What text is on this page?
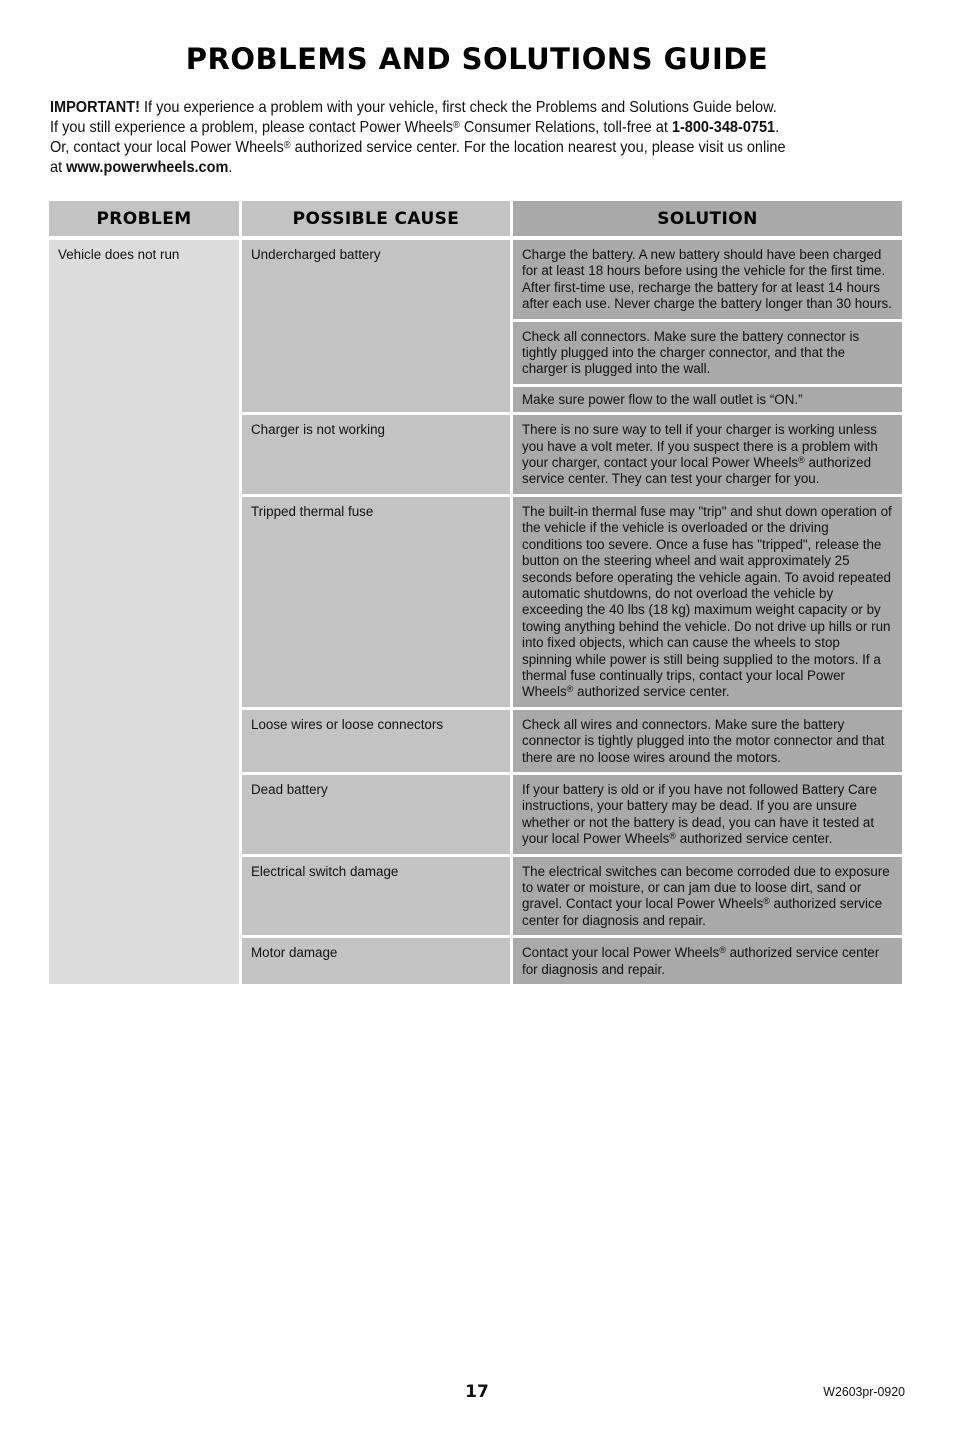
PROBLEMS AND SOLUTIONS GUIDE
IMPORTANT! If you experience a problem with your vehicle, first check the Problems and Solutions Guide below.
If you still experience a problem, please contact Power Wheels® Consumer Relations, toll-free at 1-800-348-0751.
Or, contact your local Power Wheels® authorized service center. For the location nearest you, please visit us online
at www.powerwheels.com.
PROBLEM	POSSIBLE CAUSE	SOLUTION
Vehicle does not run	Undercharged battery	Charge the battery. A new battery should have been charged for at least 18 hours before using the vehicle for the first time. After first-time use, recharge the battery for at least 14 hours after each use. Never charge the battery longer than 30 hours.
		Check all connectors. Make sure the battery connector is tightly plugged into the charger connector, and that the charger is plugged into the wall.
		Make sure power flow to the wall outlet is “ON.”
	Charger is not working	There is no sure way to tell if your charger is working unless you have a volt meter. If you suspect there is a problem with your charger, contact your local Power Wheels® authorized service center. They can test your charger for you.
	Tripped thermal fuse	The built-in thermal fuse may "trip" and shut down operation of the vehicle if the vehicle is overloaded or the driving conditions too severe. Once a fuse has "tripped", release the button on the steering wheel and wait approximately 25 seconds before operating the vehicle again. To avoid repeated automatic shutdowns, do not overload the vehicle by exceeding the 40 lbs (18 kg) maximum weight capacity or by towing anything behind the vehicle. Do not drive up hills or run into fixed objects, which can cause the wheels to stop spinning while power is still being supplied to the motors. If a thermal fuse continually trips, contact your local Power Wheels® authorized service center.
	Loose wires or loose connectors	Check all wires and connectors. Make sure the battery connector is tightly plugged into the motor connector and that there are no loose wires around the motors.
	Dead battery	If your battery is old or if you have not followed Battery Care instructions, your battery may be dead. If you are unsure whether or not the battery is dead, you can have it tested at your local Power Wheels® authorized service center.
	Electrical switch damage	The electrical switches can become corroded due to exposure to water or moisture, or can jam due to loose dirt, sand or gravel. Contact your local Power Wheels® authorized service center for diagnosis and repair.
	Motor damage	Contact your local Power Wheels® authorized service center for diagnosis and repair.
17	W2603pr-0920
